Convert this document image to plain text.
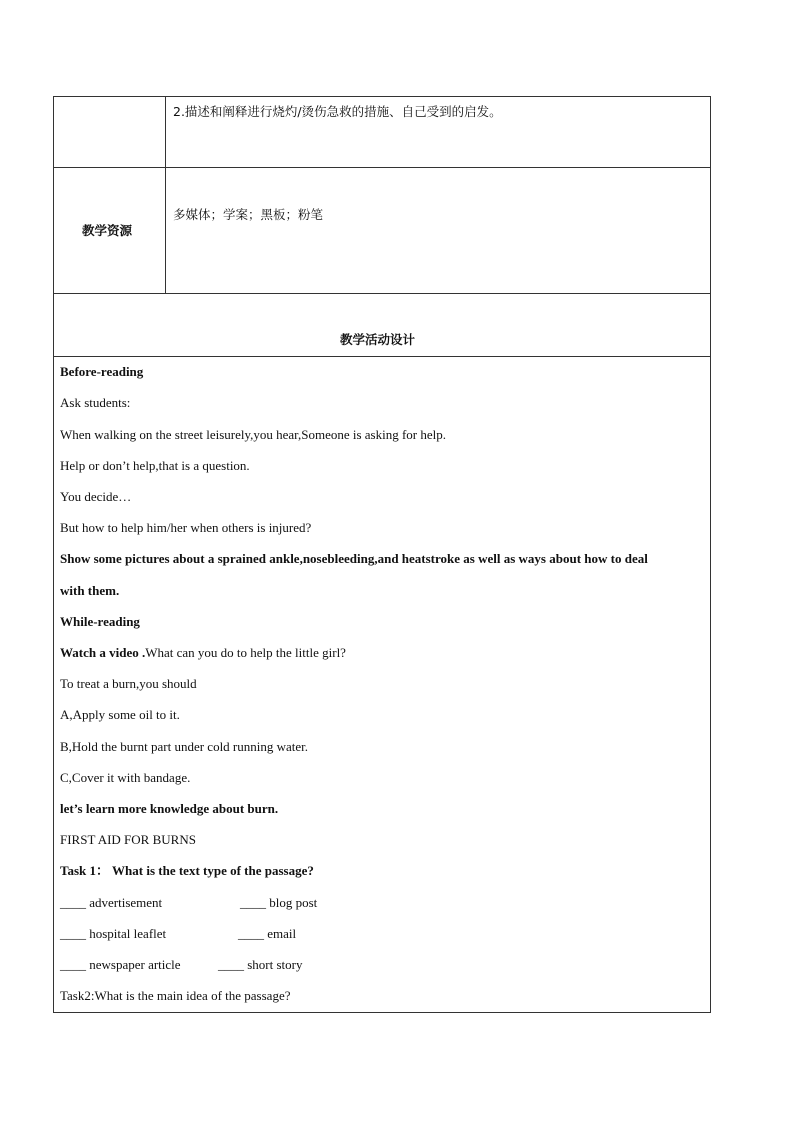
2.描述和阐释进行烧灼/烫伤急救的措施、自己受到的启发。
教学资源
多媒体；学案；黑板；粉笔
教学活动设计
Before-reading
Ask students:
When walking on the street leisurely,you hear,Someone is asking for help.
Help or don’t help,that is a question.
You decide…
But how to help him/her when others is injured?
Show some pictures about a sprained ankle,nosebleeding,and heatstroke as well as ways about how to deal
with them.
While-reading
Watch a video .What can you do to help the little girl?
To treat a burn,you should
A,Apply some oil to it.
B,Hold the burnt part under cold running water.
C,Cover it with bandage.
let’s learn more knowledge about burn.
FIRST AID FOR BURNS
Task 1： What is the text type of the passage?
____ advertisement	____ blog post
____ hospital leaflet	____ email
____ newspaper article	____ short story
Task2:What is the main idea of the passage?
